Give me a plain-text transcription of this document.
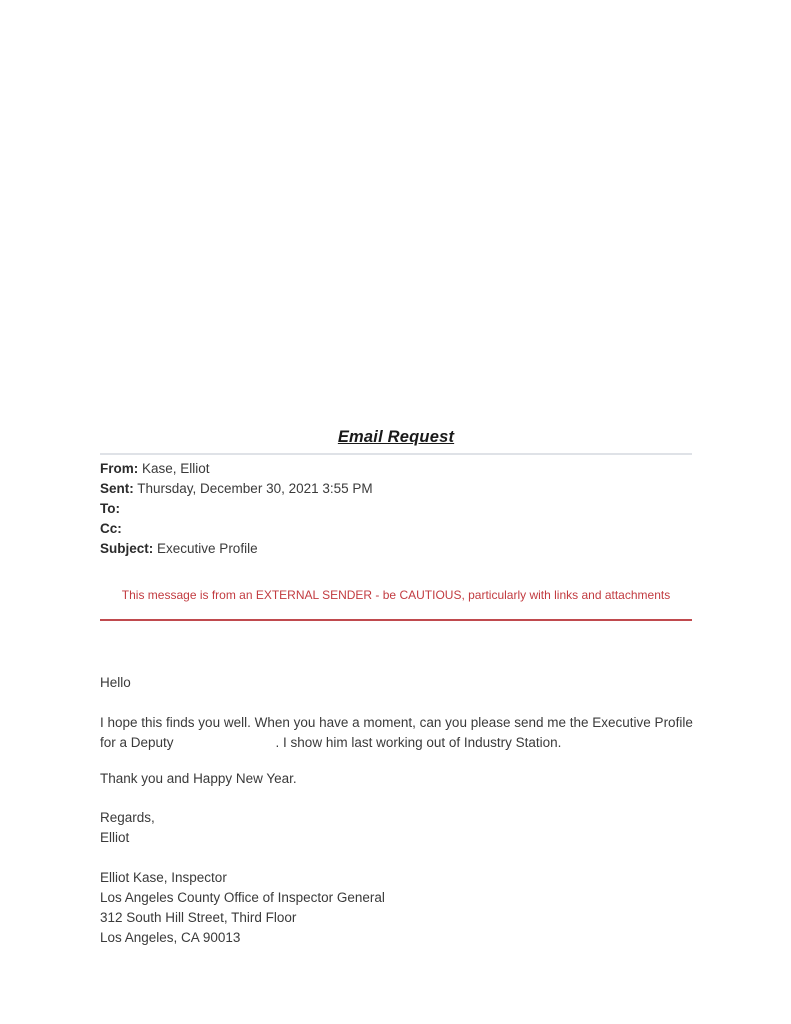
Email Request
From: Kase, Elliot
Sent: Thursday, December 30, 2021 3:55 PM
To:
Cc:
Subject: Executive Profile
This message is from an EXTERNAL SENDER - be CAUTIOUS, particularly with links and attachments
Hello
I hope this finds you well. When you have a moment, can you please send me the Executive Profile
for a Deputy	. I show him last working out of Industry Station.
Thank you and Happy New Year.
Regards,
Elliot
Elliot Kase, Inspector
Los Angeles County Office of Inspector General
312 South Hill Street, Third Floor
Los Angeles, CA 90013
